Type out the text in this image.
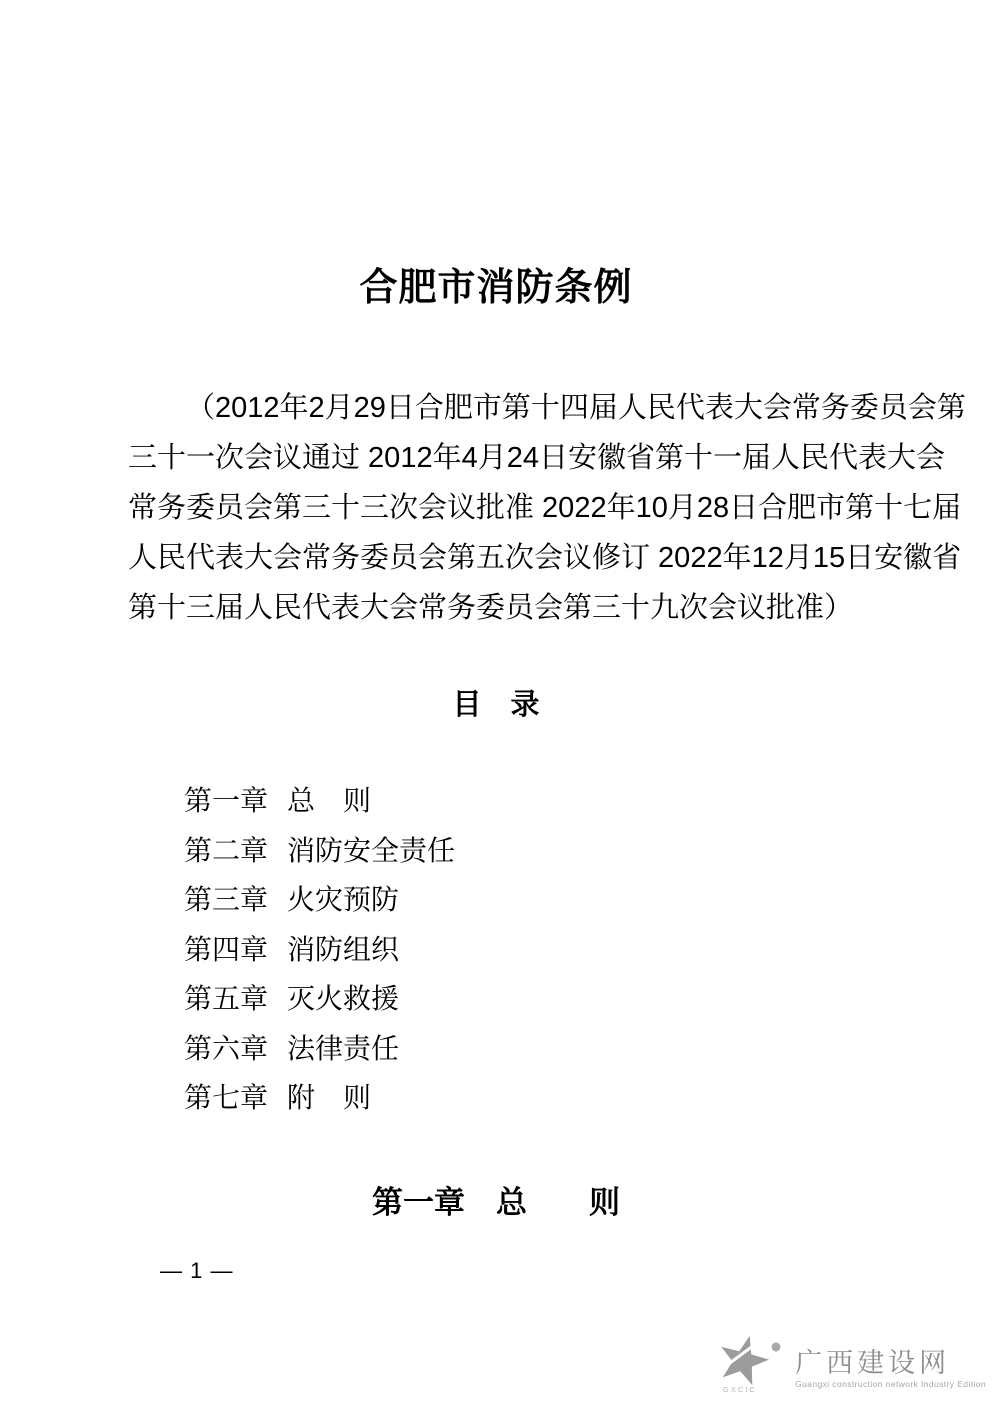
合肥市消防条例
（2012年2月29日合肥市第十四届人民代表大会常务委员会第
三十一次会议通过 2012年4月24日安徽省第十一届人民代表大会
常务委员会第三十三次会议批准 2022年10月28日合肥市第十七届
人民代表大会常务委员会第五次会议修订 2022年12月15日安徽省
第十三届人民代表大会常务委员会第三十九次会议批准）
目　录
第一章 总　则
第二章 消防安全责任
第三章 火灾预防
第四章 消防组织
第五章 灭火救援
第六章 法律责任
第七章 附　则
第一章　总　　则
— 1 —
GXCIC
广西建设网
Guangxi construction network Industry Edition
